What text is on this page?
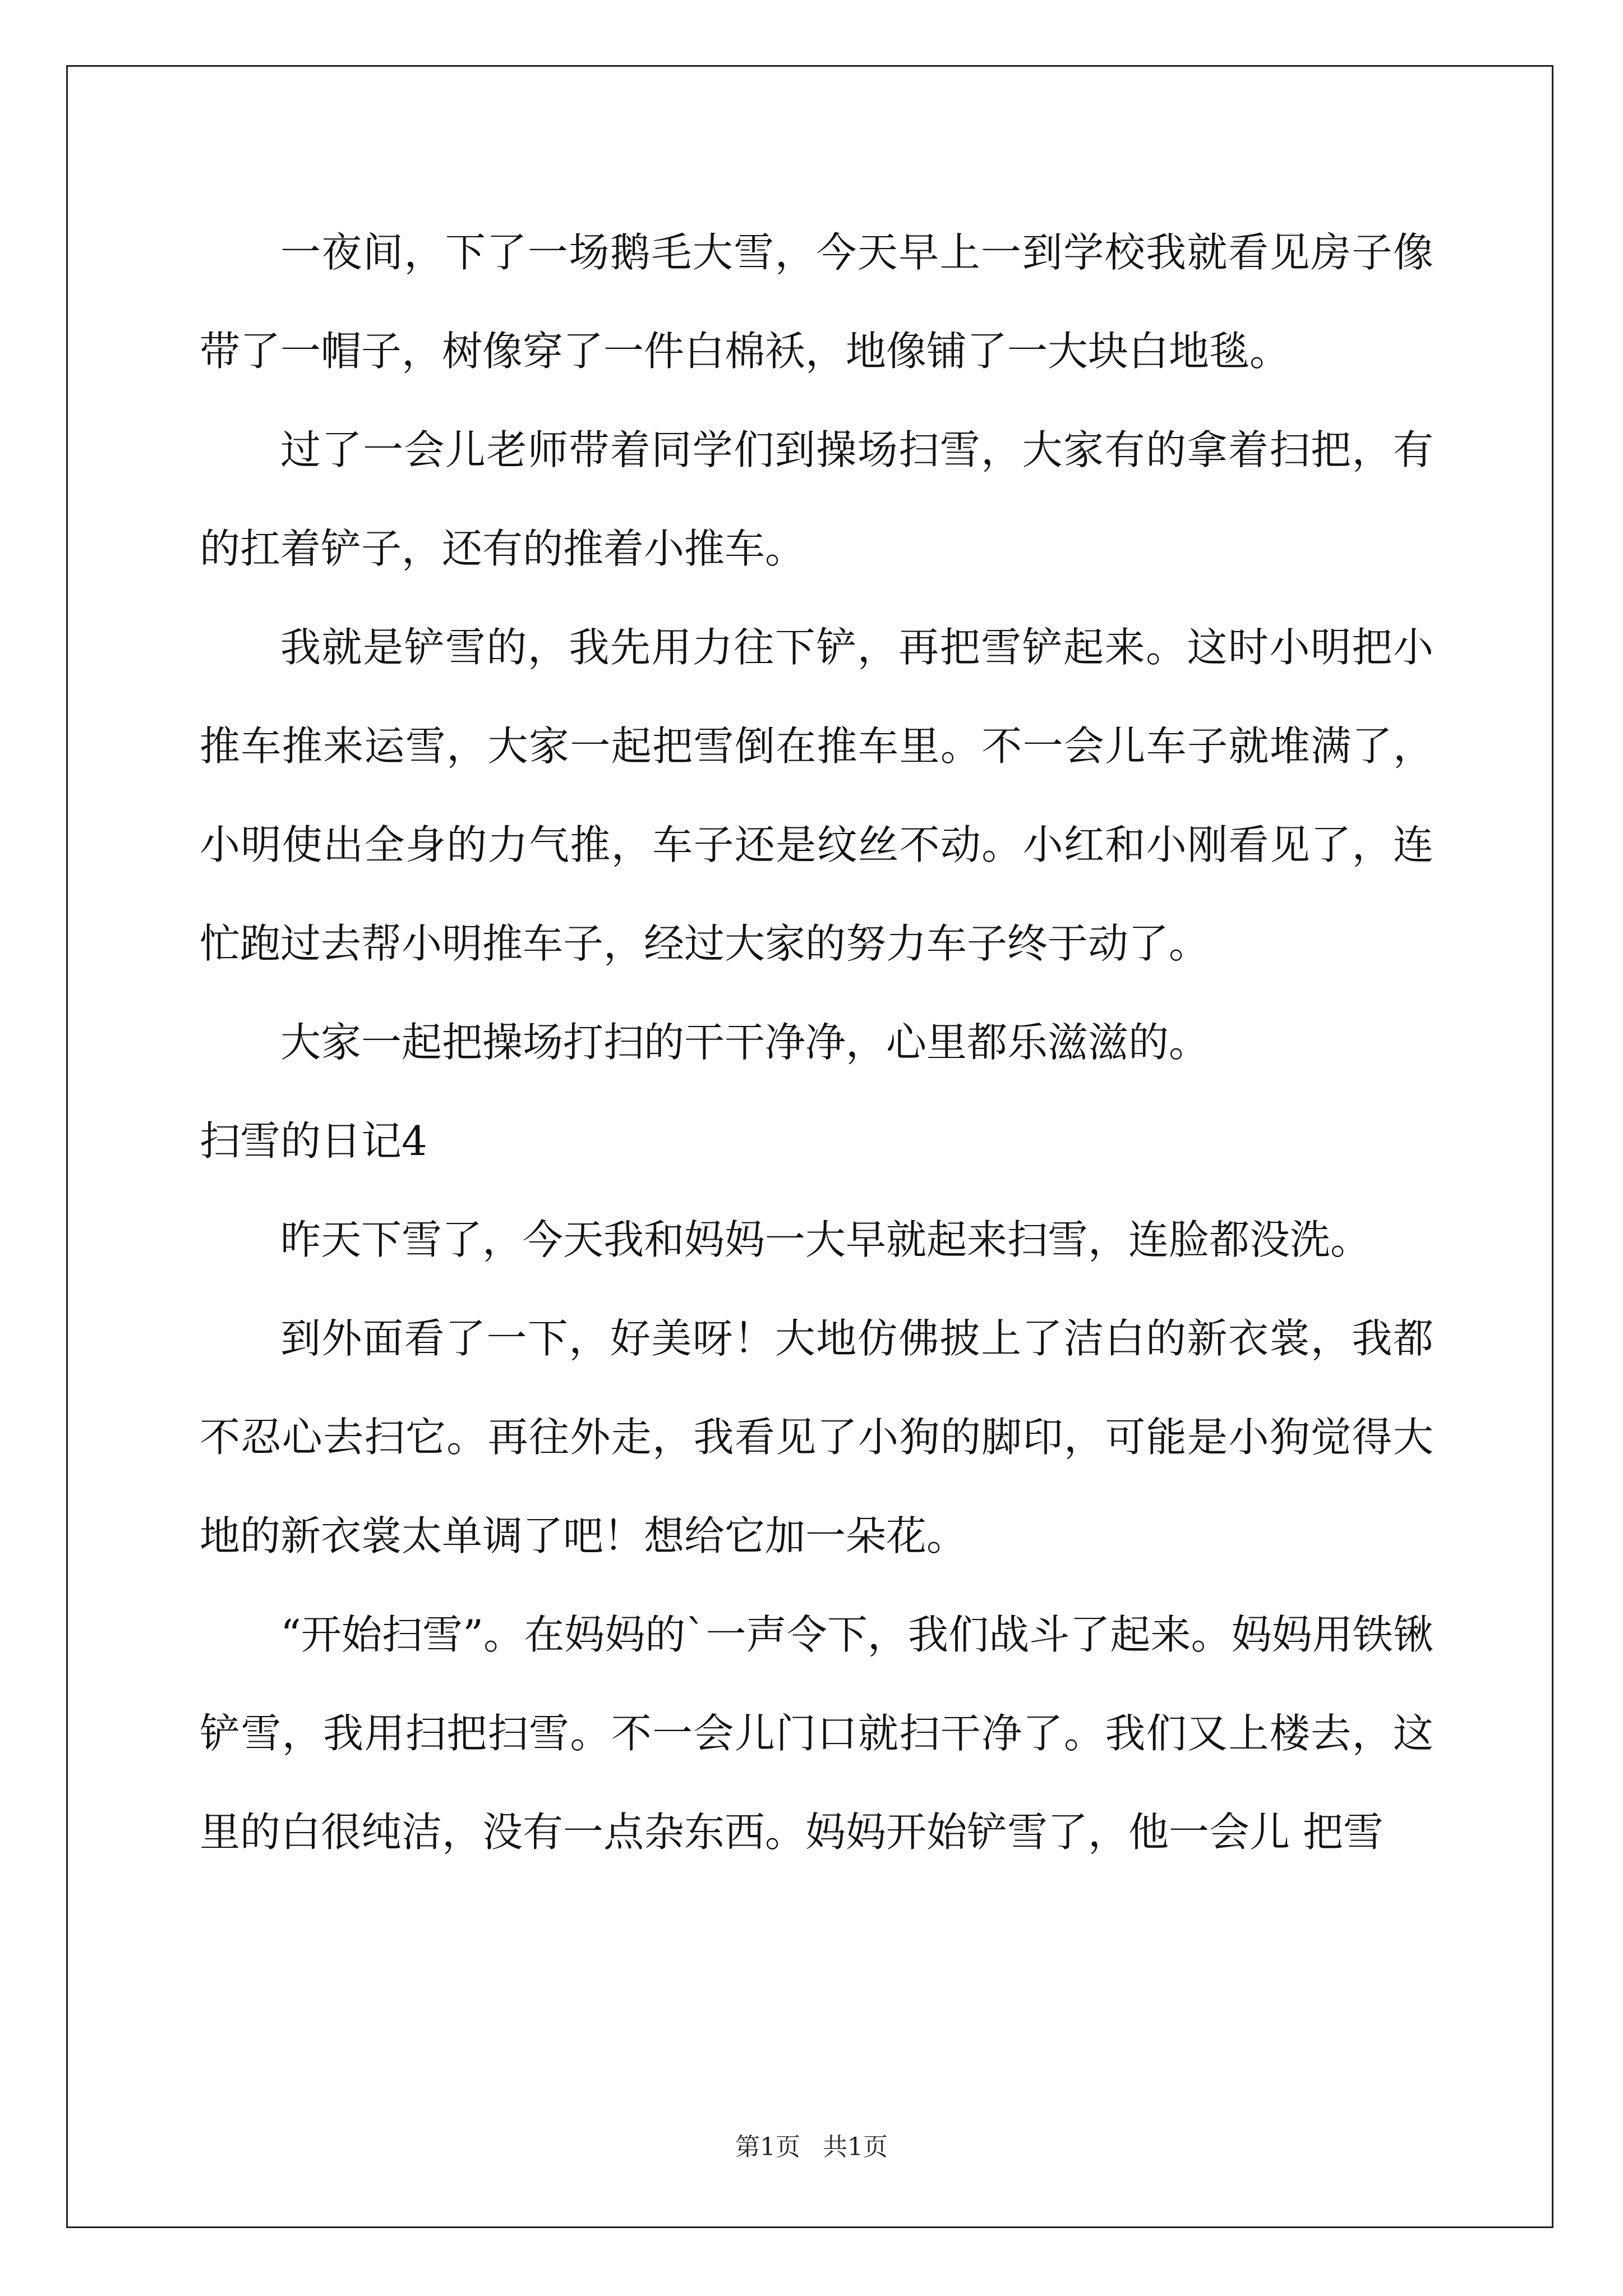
一夜间，下了一场鹅毛大雪，今天早上一到学校我就看见房子像带了一帽子，树像穿了一件白棉袄，地像铺了一大块白地毯。

过了一会儿老师带着同学们到操场扫雪，大家有的拿着扫把，有的扛着铲子，还有的推着小推车。

我就是铲雪的，我先用力往下铲，再把雪铲起来。这时小明把小推车推来运雪，大家一起把雪倒在推车里。不一会儿车子就堆满了，小明使出全身的力气推，车子还是纹丝不动。小红和小刚看见了，连忙跑过去帮小明推车子，经过大家的努力车子终于动了。

大家一起把操场打扫的干干净净，心里都乐滋滋的。

扫雪的日记4

昨天下雪了，今天我和妈妈一大早就起来扫雪，连脸都没洗。

到外面看了一下，好美呀！大地仿佛披上了洁白的新衣裳，我都不忍心去扫它。再往外走，我看见了小狗的脚印，可能是小狗觉得大地的新衣裳太单调了吧！想给它加一朵花。

“开始扫雪”。在妈妈的`一声令下，我们战斗了起来。妈妈用铁锹铲雪，我用扫把扫雪。不一会儿门口就扫干净了。我们又上楼去，这里的白很纯洁，没有一点杂东西。妈妈开始铲雪了，他一会儿 把雪

第1页 共1页
